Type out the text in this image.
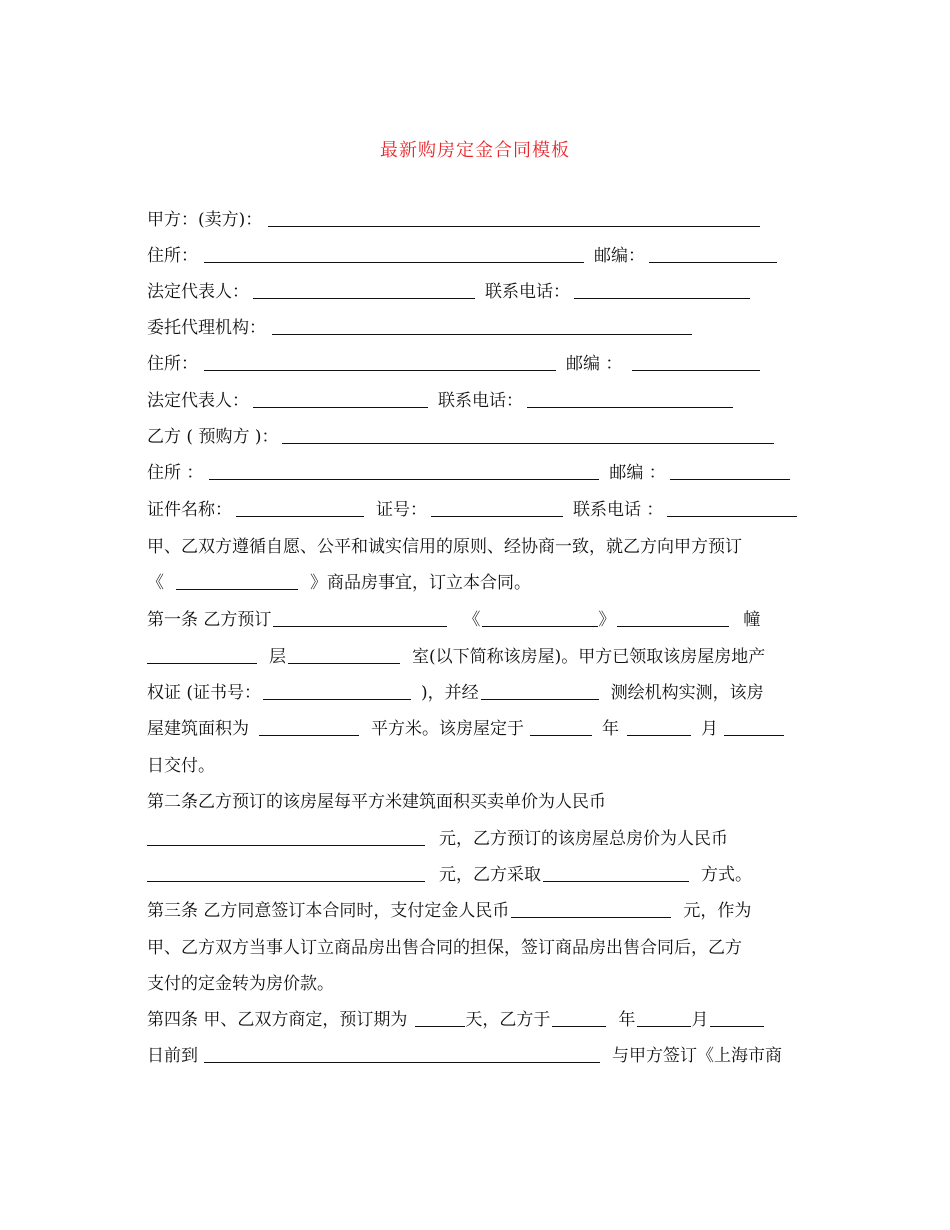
最新购房定金合同模板
甲方：(卖方)：
住所：	邮编：
法定代表人：	联系电话：
委托代理机构：
住所：	邮编 ：
法定代表人：	联系电话：
乙方 ( 预购方 )：
住所 ：	邮编 ：
证件名称：	证号：	联系电话 ：
甲、乙双方遵循自愿、公平和诚实信用的原则、经协商一致，就乙方向甲方预订
《	》商品房事宜，订立本合同。
第一条 乙方预订	《	》	幢
层	室(以下简称该房屋)。甲方已领取该房屋房地产
权证 (证书号：	)，并经	测绘机构实测，该房
屋建筑面积为	平方米。该房屋定于	年	月
日交付。
第二条乙方预订的该房屋每平方米建筑面积买卖单价为人民币
元，乙方预订的该房屋总房价为人民币
元，乙方采取	方式。
第三条 乙方同意签订本合同时，支付定金人民币	元，作为
甲、乙方双方当事人订立商品房出售合同的担保，签订商品房出售合同后，乙方
支付的定金转为房价款。
第四条 甲、乙双方商定，预订期为	天，乙方于	年	月
日前到	与甲方签订《上海市商
